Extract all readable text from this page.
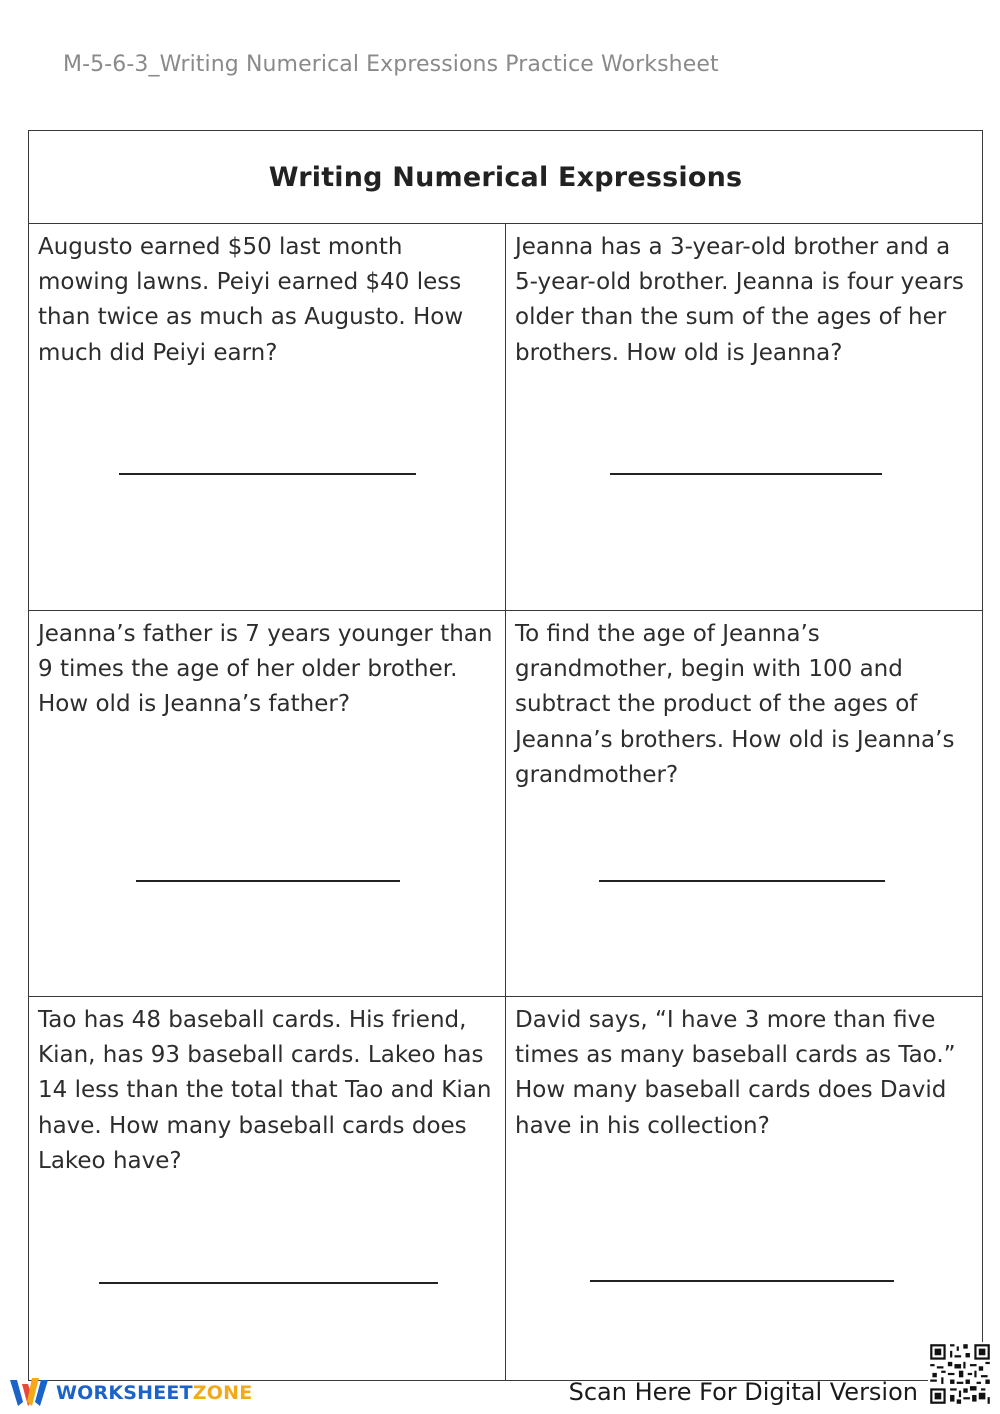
M-5-6-3_Writing Numerical Expressions Practice Worksheet
Writing Numerical Expressions

Augusto earned $50 last month mowing lawns. Peiyi earned $40 less than twice as much as Augusto. How much did Peiyi earn?

Jeanna has a 3-year-old brother and a 5-year-old brother. Jeanna is four years older than the sum of the ages of her brothers. How old is Jeanna?

Jeanna’s father is 7 years younger than 9 times the age of her older brother. How old is Jeanna’s father?

To find the age of Jeanna’s grandmother, begin with 100 and subtract the product of the ages of Jeanna’s brothers. How old is Jeanna’s grandmother?

Tao has 48 baseball cards. His friend, Kian, has 93 baseball cards. Lakeo has 14 less than the total that Tao and Kian have. How many baseball cards does Lakeo have?

David says, “I have 3 more than five times as many baseball cards as Tao.” How many baseball cards does David have in his collection?

WORKSHEETZONE	Scan Here For Digital Version
